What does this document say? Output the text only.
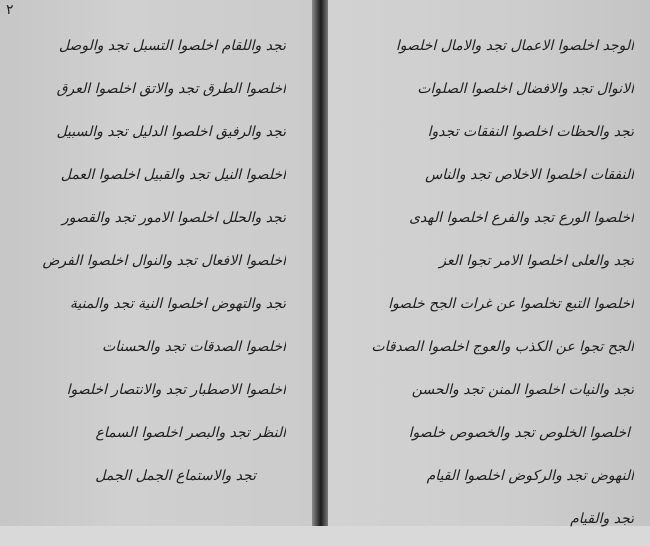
٢
تجد واللقام اخلصوا التسبل تجد والوصل
اخلصوا الطرق تجد والاتق اخلصوا العرق
تجد والرفيق اخلصوا الدليل تجد والسبيل
اخلصوا النيل تجد والقبيل اخلصوا العمل
تجد والحلل اخلصوا الامور تجد والقصور
اخلصوا الافعال تجد والنوال اخلصوا الفرض
تجد والتهوض اخلصوا النية تجد والمنية
اخلصوا الصدقات تجد والحسنات
اخلصوا الاصطبار تجد والانتصار اخلصوا
النظر تجد والبصر اخلصوا السماع
تجد والاستماع الجمل الجمل
الوجد اخلصوا الاعمال تجد والامال اخلصوا
الانوال تجد والافضال اخلصوا الصلوات
تجد والحظات اخلصوا النفقات تجدوا
النفقات اخلصوا الاخلاص تجد والناس
اخلصوا الورع تجد والفرع اخلصوا الهدى
تجد والعلى اخلصوا الامر تجوا العز
اخلصوا التبع تخلصوا عن غرات الجح خلصوا
الجح تجوا عن الكذب والعوج اخلصوا الصدقات
تجد والنيات اخلصوا المنن تجد والحسن
اخلصوا الخلوص تجد والخصوص خلصوا
النهوض تجد والركوض اخلصوا القيام
تجد والقيام
